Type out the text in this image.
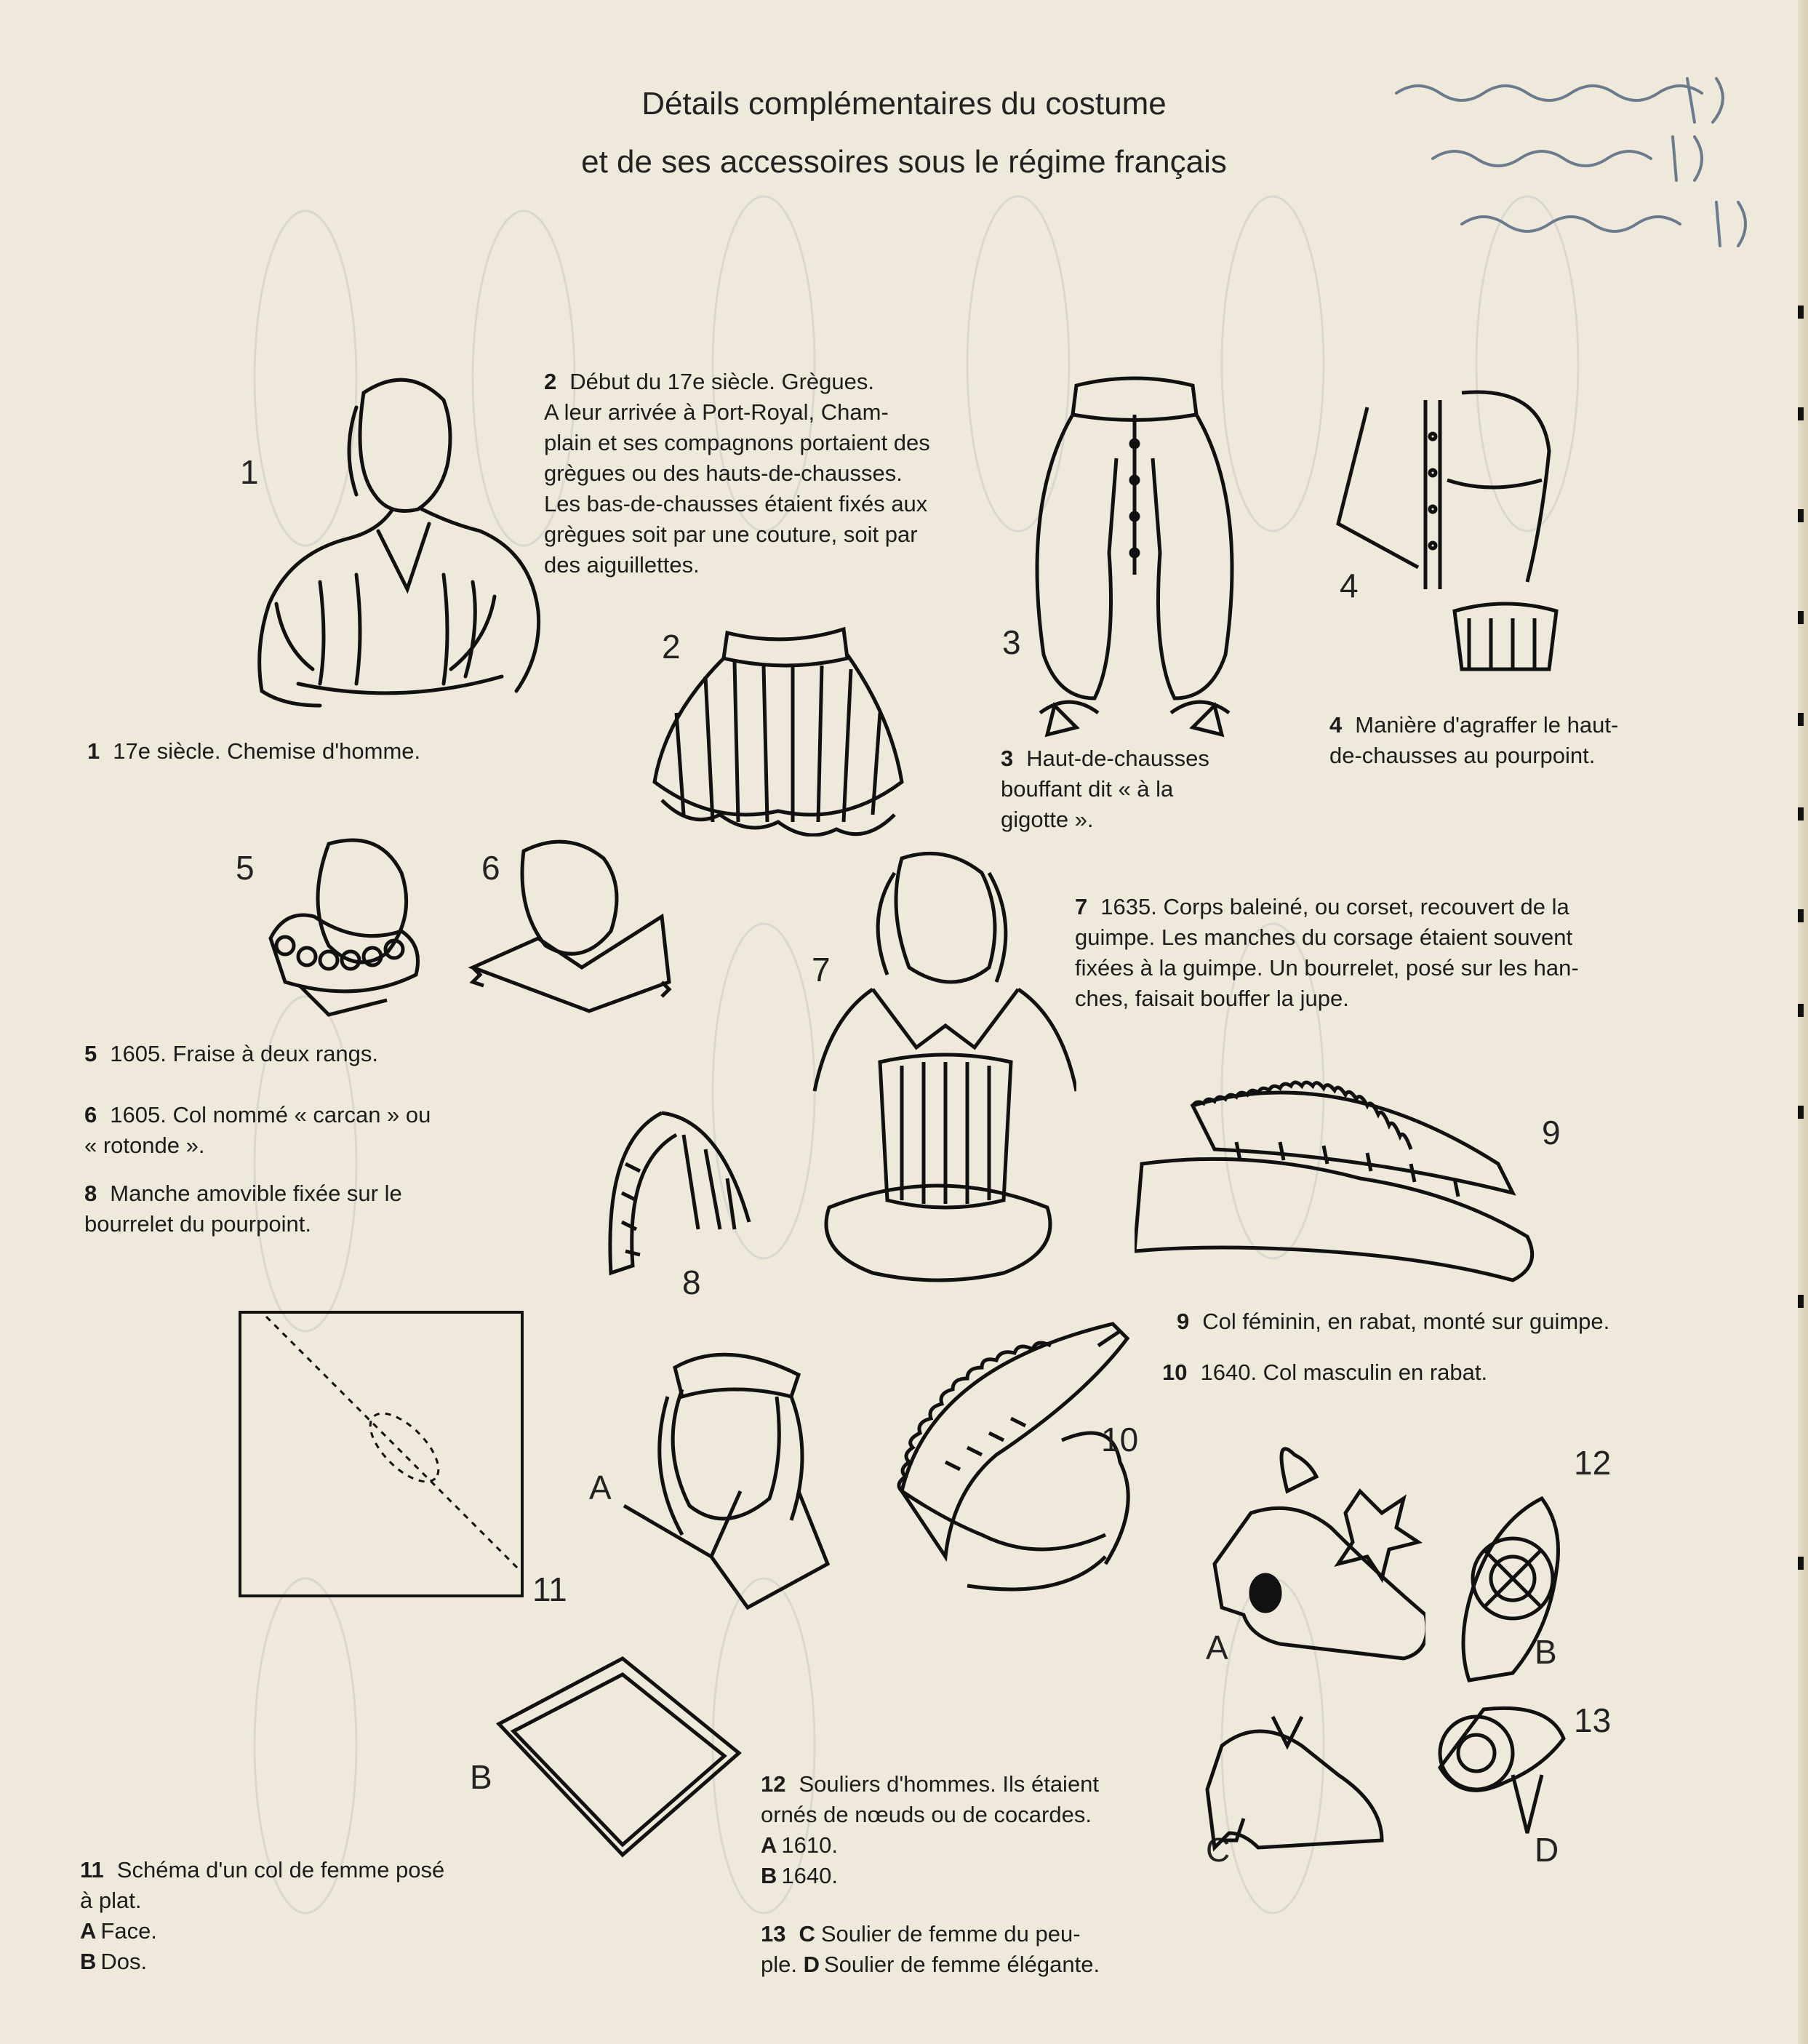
Détails complémentaires du costume
et de ses accessoires sous le régime français
1
1 17e siècle. Chemise d'homme.
2 Début du 17e siècle. Grègues.
A leur arrivée à Port-Royal, Cham-
plain et ses compagnons portaient des
grègues ou des hauts-de-chausses.
Les bas-de-chausses étaient fixés aux
grègues soit par une couture, soit par
des aiguillettes.
2	3
3 Haut-de-chausses
bouffant dit « à la
gigotte ».
4
4 Manière d'agraffer le haut-
de-chausses au pourpoint.
5	6
7
7 1635. Corps baleiné, ou corset, recouvert de la
guimpe. Les manches du corsage étaient souvent
fixées à la guimpe. Un bourrelet, posé sur les han-
ches, faisait bouffer la jupe.
5 1605. Fraise à deux rangs.
6 1605. Col nommé « carcan » ou
« rotonde ».
8 Manche amovible fixée sur le
bourrelet du pourpoint.
8
9
9 Col féminin, en rabat, monté sur guimpe.
10 1640. Col masculin en rabat.
11
A
B
10
12
A	B
13
C	D
11 Schéma d'un col de femme posé
à plat.
A Face.
B Dos.
12 Souliers d'hommes. Ils étaient
ornés de nœuds ou de cocardes.
A 1610.
B 1640.
13 C Soulier de femme du peu-
ple. D Soulier de femme élégante.
